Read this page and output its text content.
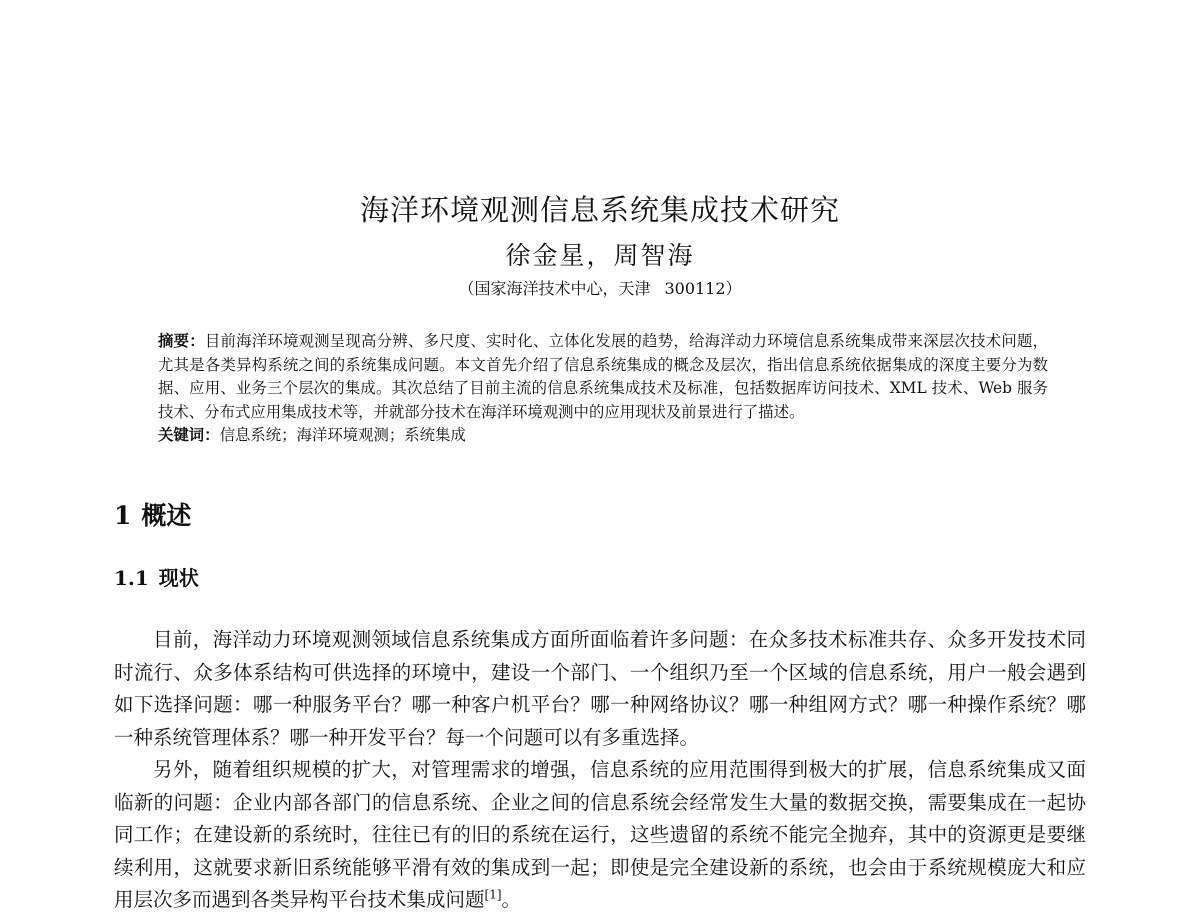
海洋环境观测信息系统集成技术研究
徐金星，周智海
（国家海洋技术中心，天津 300112）
摘要：目前海洋环境观测呈现高分辨、多尺度、实时化、立体化发展的趋势，给海洋动力环境信息系统集成带来深层次技术问题， 尤其是各类异构系统之间的系统集成问题。本文首先介绍了信息系统集成的概念及层次，指出信息系统依据集成的深度主要分为数据、应用、业务三个层次的集成。其次总结了目前主流的信息系统集成技术及标准，包括数据库访问技术、XML 技术、Web 服务技术、分布式应用集成技术等，并就部分技术在海洋环境观测中的应用现状及前景进行了描述。
关键词：信息系统；海洋环境观测；系统集成
1 概述
1.1 现状

目前，海洋动力环境观测领域信息系统集成方面所面临着许多问题：在众多技术标准共存、众多开发技术同时流行、众多体系结构可供选择的环境中，建设一个部门、一个组织乃至一个区域的信息系统，用户一般会遇到如下选择问题：哪一种服务平台？哪一种客户机平台？哪一种网络协议？哪一种组网方式？哪一种操作系统？哪一种系统管理体系？哪一种开发平台？每一个问题可以有多重选择。

另外，随着组织规模的扩大，对管理需求的增强，信息系统的应用范围得到极大的扩展，信息系统集成又面临新的问题：企业内部各部门的信息系统、企业之间的信息系统会经常发生大量的数据交换，需要集成在一起协同工作；在建设新的系统时，往往已有的旧的系统在运行，这些遗留的系统不能完全抛弃，其中的资源更是要继续利用，这就要求新旧系统能够平滑有效的集成到一起；即使是完全建设新的系统，也会由于系统规模庞大和应用层次多而遇到各类异构平台技术集成问题[1]。
